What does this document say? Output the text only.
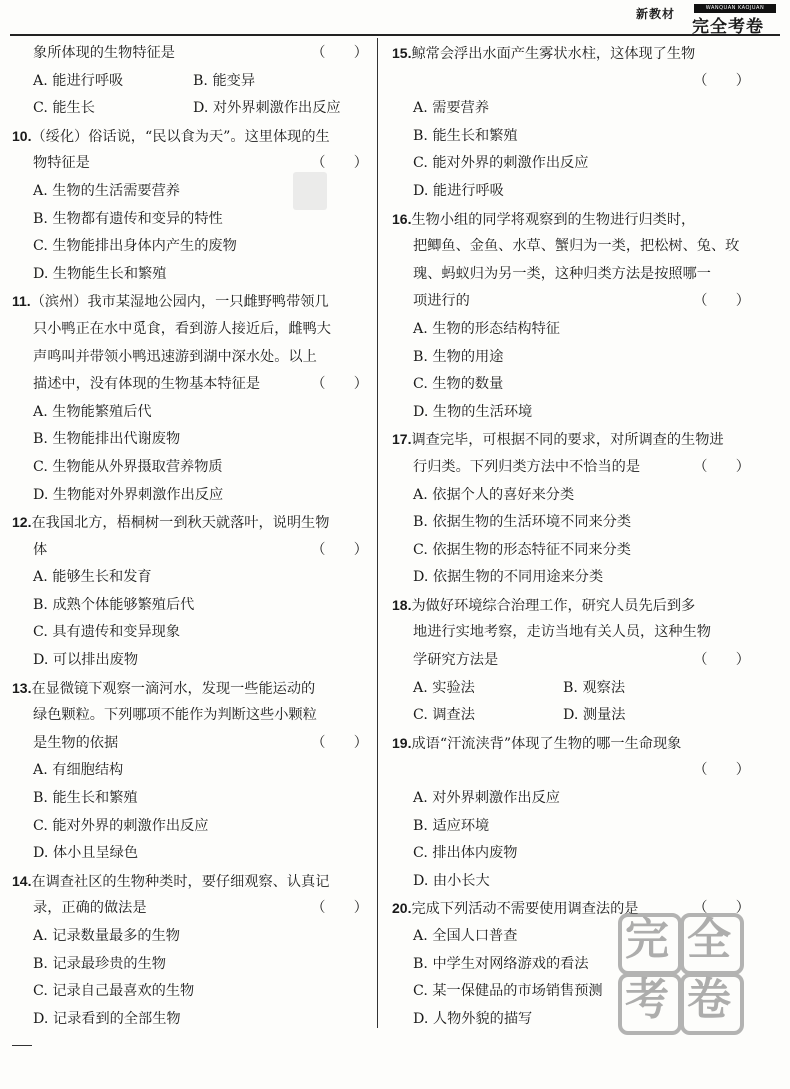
新教材	WANQUAN KAOJUAN
完全考卷
象所体现的生物特征是	（　　）
A. 能进行呼吸	B. 能变异
C. 能生长	D. 对外界刺激作出反应
10.（绥化）俗话说，“民以食为天”。这里体现的生
物特征是	（　　）
A. 生物的生活需要营养
B. 生物都有遗传和变异的特性
C. 生物能排出身体内产生的废物
D. 生物能生长和繁殖
11.（滨州）我市某湿地公园内，一只雌野鸭带领几
只小鸭正在水中觅食，看到游人接近后，雌鸭大
声鸣叫并带领小鸭迅速游到湖中深水处。以上
描述中，没有体现的生物基本特征是	（　　）
A. 生物能繁殖后代
B. 生物能排出代谢废物
C. 生物能从外界摄取营养物质
D. 生物能对外界刺激作出反应
12.在我国北方，梧桐树一到秋天就落叶，说明生物
体	（　　）
A. 能够生长和发育
B. 成熟个体能够繁殖后代
C. 具有遗传和变异现象
D. 可以排出废物
13.在显微镜下观察一滴河水，发现一些能运动的
绿色颗粒。下列哪项不能作为判断这些小颗粒
是生物的依据	（　　）
A. 有细胞结构
B. 能生长和繁殖
C. 能对外界的刺激作出反应
D. 体小且呈绿色
14.在调查社区的生物种类时，要仔细观察、认真记
录，正确的做法是	（　　）
A. 记录数量最多的生物
B. 记录最珍贵的生物
C. 记录自己最喜欢的生物
D. 记录看到的全部生物
15.鲸常会浮出水面产生雾状水柱，这体现了生物
（　　）
A. 需要营养
B. 能生长和繁殖
C. 能对外界的刺激作出反应
D. 能进行呼吸
16.生物小组的同学将观察到的生物进行归类时，
把鲫鱼、金鱼、水草、蟹归为一类，把松树、兔、玫
瑰、蚂蚁归为另一类，这种归类方法是按照哪一
项进行的	（　　）
A. 生物的形态结构特征
B. 生物的用途
C. 生物的数量
D. 生物的生活环境
17.调查完毕，可根据不同的要求，对所调查的生物进
行归类。下列归类方法中不恰当的是	（　　）
A. 依据个人的喜好来分类
B. 依据生物的生活环境不同来分类
C. 依据生物的形态特征不同来分类
D. 依据生物的不同用途来分类
18.为做好环境综合治理工作，研究人员先后到多
地进行实地考察，走访当地有关人员，这种生物
学研究方法是	（　　）
A. 实验法	B. 观察法
C. 调查法	D. 测量法
19.成语“汗流浃背”体现了生物的哪一生命现象
（　　）
A. 对外界刺激作出反应
B. 适应环境
C. 排出体内废物
D. 由小长大
20.完成下列活动不需要使用调查法的是	（　　）
A. 全国人口普查
B. 中学生对网络游戏的看法
C. 某一保健品的市场销售预测
D. 人物外貌的描写
完 全
考 卷
